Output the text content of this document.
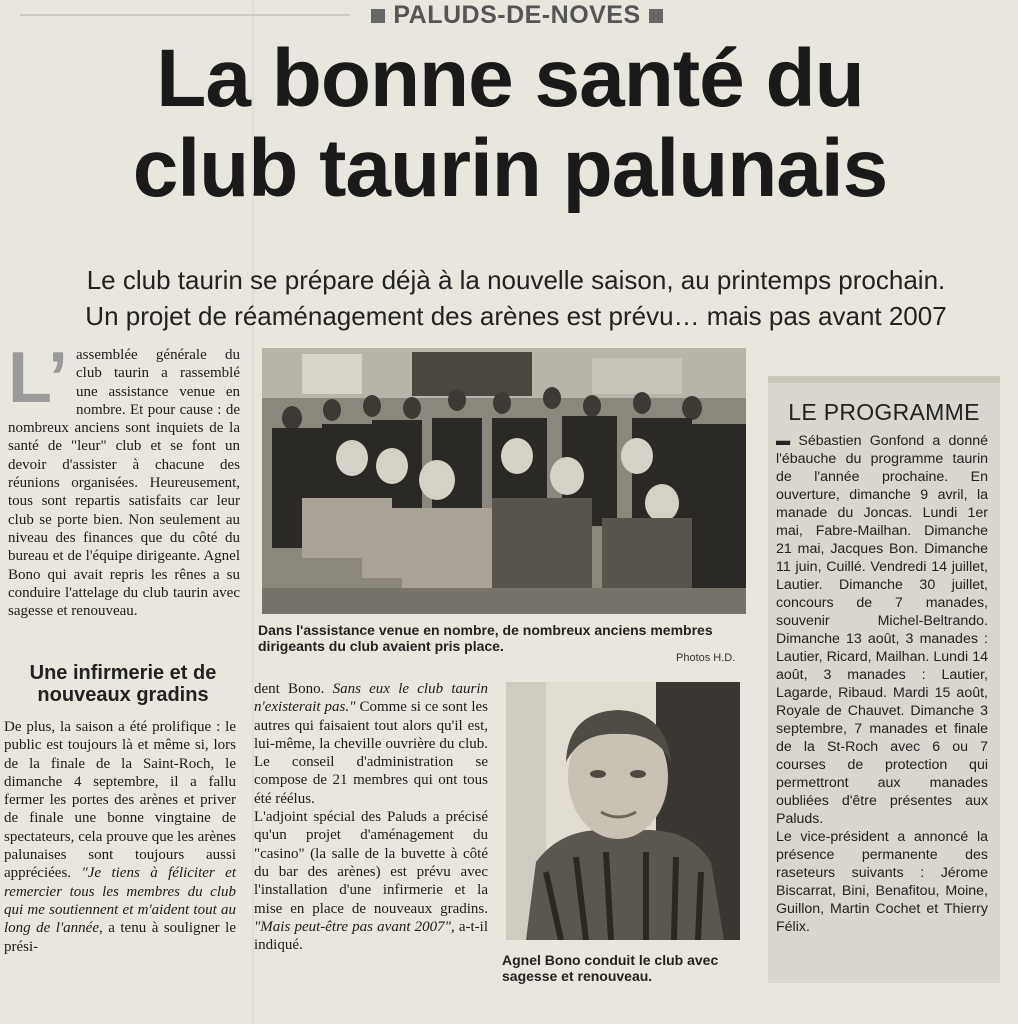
PALUDS-DE-NOVES
La bonne santé du
club taurin palunais
Le club taurin se prépare déjà à la nouvelle saison, au printemps prochain.
Un projet de réaménagement des arènes est prévu… mais pas avant 2007

L’ assemblée générale du club taurin a rassemblé une assistance venue en nombre. Et pour cause : de nombreux anciens sont inquiets de la santé de "leur" club et se font un devoir d'assister à chacune des réunions organisées. Heureusement, tous sont repartis satisfaits car leur club se porte bien. Non seulement au niveau des finances que du côté du bureau et de l'équipe dirigeante. Agnel Bono qui avait repris les rênes a su conduire l'attelage du club taurin avec sagesse et renouveau.

Une infirmerie et de nouveaux gradins

De plus, la saison a été prolifique : le public est toujours là et même si, lors de la finale de la Saint-Roch, le dimanche 4 septembre, il a fallu fermer les portes des arènes et priver de finale une bonne vingtaine de spectateurs, cela prouve que les arènes palunaises sont toujours aussi appréciées. "Je tiens à féliciter et remercier tous les membres du club qui me soutiennent et m'aident tout au long de l'année, a tenu à souligner le prési-

Dans l'assistance venue en nombre, de nombreux anciens membres dirigeants du club avaient pris place.
Photos H.D.

dent Bono. Sans eux le club taurin n'existerait pas." Comme si ce sont les autres qui faisaient tout alors qu'il est, lui-même, la cheville ouvrière du club. Le conseil d'administration se compose de 21 membres qui ont tous été réélus.

L'adjoint spécial des Paluds a précisé qu'un projet d'aménagement du "casino" (la salle de la buvette à côté du bar des arènes) est prévu avec l'installation d'une infirmerie et la mise en place de nouveaux gradins. "Mais peut-être pas avant 2007", a-t-il indiqué.

Agnel Bono conduit le club avec sagesse et renouveau.
LE PROGRAMME

▬ Sébastien Gonfond a donné l'ébauche du programme taurin de l'année prochaine. En ouverture, dimanche 9 avril, la manade du Joncas. Lundi 1er mai, Fabre-Mailhan. Dimanche 21 mai, Jacques Bon. Dimanche 11 juin, Cuillé. Vendredi 14 juillet, Lautier. Dimanche 30 juillet, concours de 7 manades, souvenir Michel-Beltrando. Dimanche 13 août, 3 manades : Lautier, Ricard, Mailhan. Lundi 14 août, 3 manades : Lautier, Lagarde, Ribaud. Mardi 15 août, Royale de Chauvet. Dimanche 3 septembre, 7 manades et finale de la St-Roch avec 6 ou 7 courses de protection qui permettront aux manades oubliées d'être présentes aux Paluds.

Le vice-président a annoncé la présence permanente des raseteurs suivants : Jérome Biscarrat, Bini, Benafitou, Moine, Guillon, Martin Cochet et Thierry Félix.
